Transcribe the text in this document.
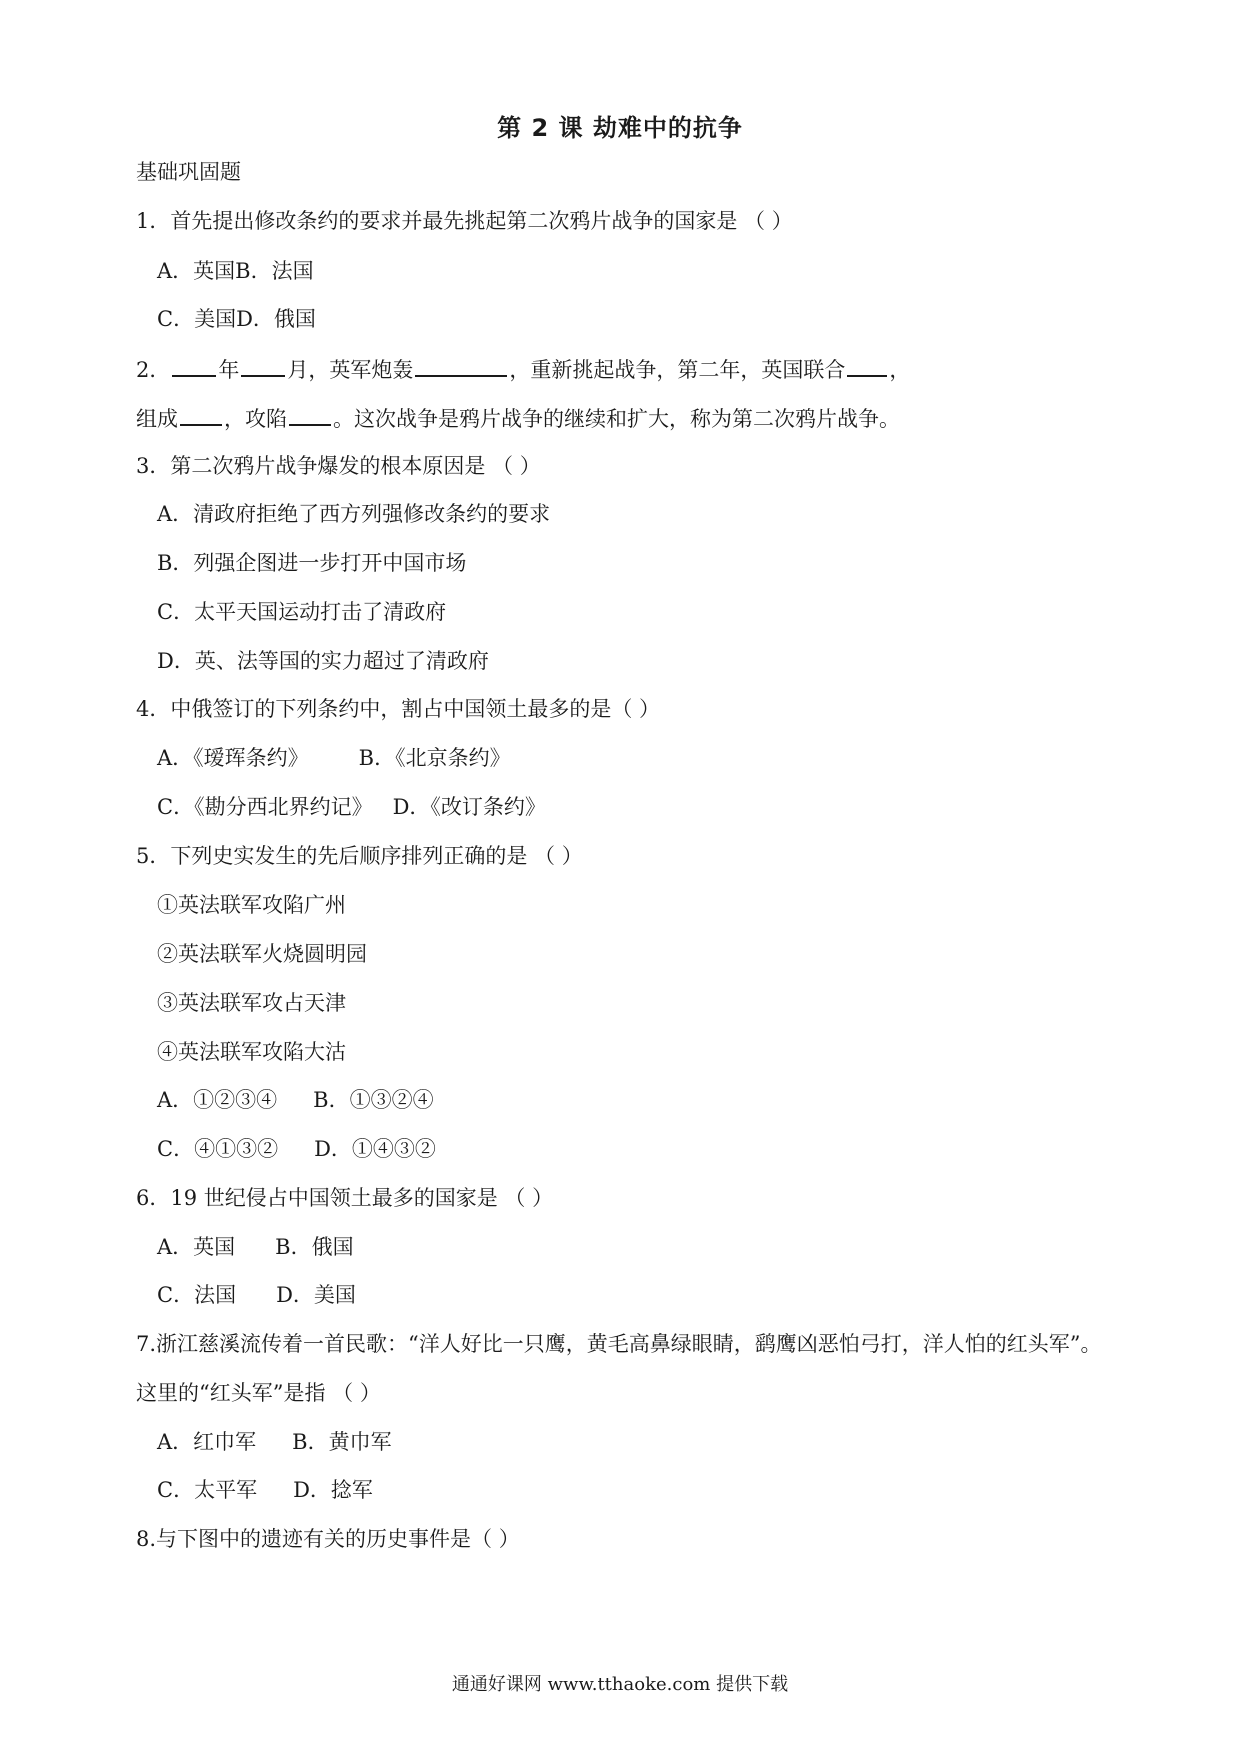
第 2 课 劫难中的抗争
基础巩固题
1．首先提出修改条约的要求并最先挑起第二次鸦片战争的国家是 （ ）
A．英国B．法国
C．美国D．俄国
2． 年 月，英军炮轰	，重新挑起战争，第二年，英国联合 ，
组成 ，攻陷 。这次战争是鸦片战争的继续和扩大，称为第二次鸦片战争。
3．第二次鸦片战争爆发的根本原因是 （ ）
A．清政府拒绝了西方列强修改条约的要求
B．列强企图进一步打开中国市场
C．太平天国运动打击了清政府
D．英、法等国的实力超过了清政府
4．中俄签订的下列条约中，割占中国领土最多的是（ ）
A．《瑷珲条约》 B．《北京条约》
C．《勘分西北界约记》 D．《改订条约》
5．下列史实发生的先后顺序排列正确的是 （ ）
①英法联军攻陷广州
②英法联军火烧圆明园
③英法联军攻占天津
④英法联军攻陷大沽
A．①②③④ B．①③②④
C．④①③② D．①④③②
6．19 世纪侵占中国领土最多的国家是 （ ）
A．英国 B．俄国
C．法国 D．美国
7.浙江慈溪流传着一首民歌：“洋人好比一只鹰，黄毛高鼻绿眼睛，鹞鹰凶恶怕弓打，洋人怕的红头军”。
这里的“红头军”是指 （ ）
A．红巾军 B．黄巾军
C．太平军 D．捻军
8.与下图中的遗迹有关的历史事件是（ ）
通通好课网 www.tthaoke.com 提供下载
